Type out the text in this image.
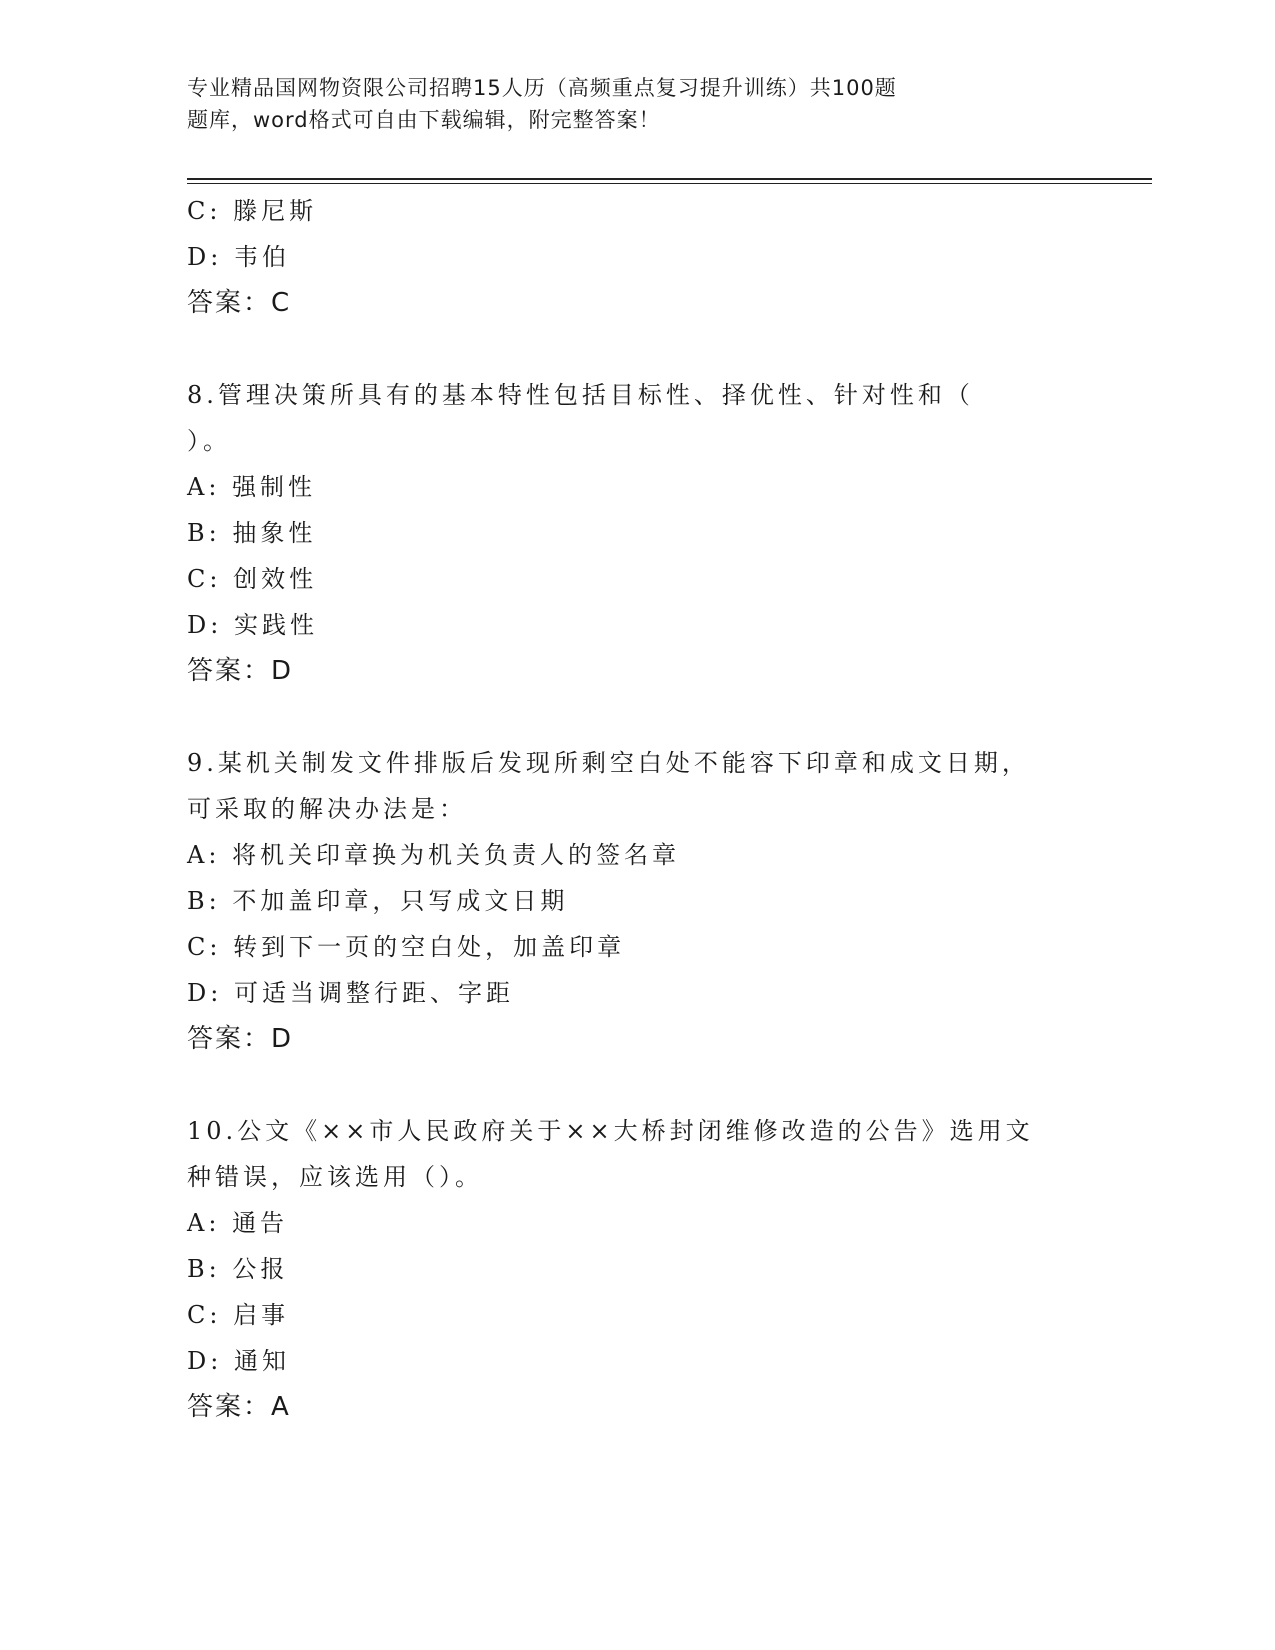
专业精品国网物资限公司招聘15人历（高频重点复习提升训练）共100题
题库，word格式可自由下载编辑，附完整答案！
C: 滕尼斯
D: 韦伯
答案：C
8.管理决策所具有的基本特性包括目标性、择优性、针对性和（
）。
A: 强制性
B: 抽象性
C: 创效性
D: 实践性
答案：D
9.某机关制发文件排版后发现所剩空白处不能容下印章和成文日期，
可采取的解决办法是：
A: 将机关印章换为机关负责人的签名章
B: 不加盖印章，只写成文日期
C: 转到下一页的空白处，加盖印章
D: 可适当调整行距、字距
答案：D
10.公文《××市人民政府关于××大桥封闭维修改造的公告》选用文
种错误，应该选用（）。
A: 通告
B: 公报
C: 启事
D: 通知
答案：A
